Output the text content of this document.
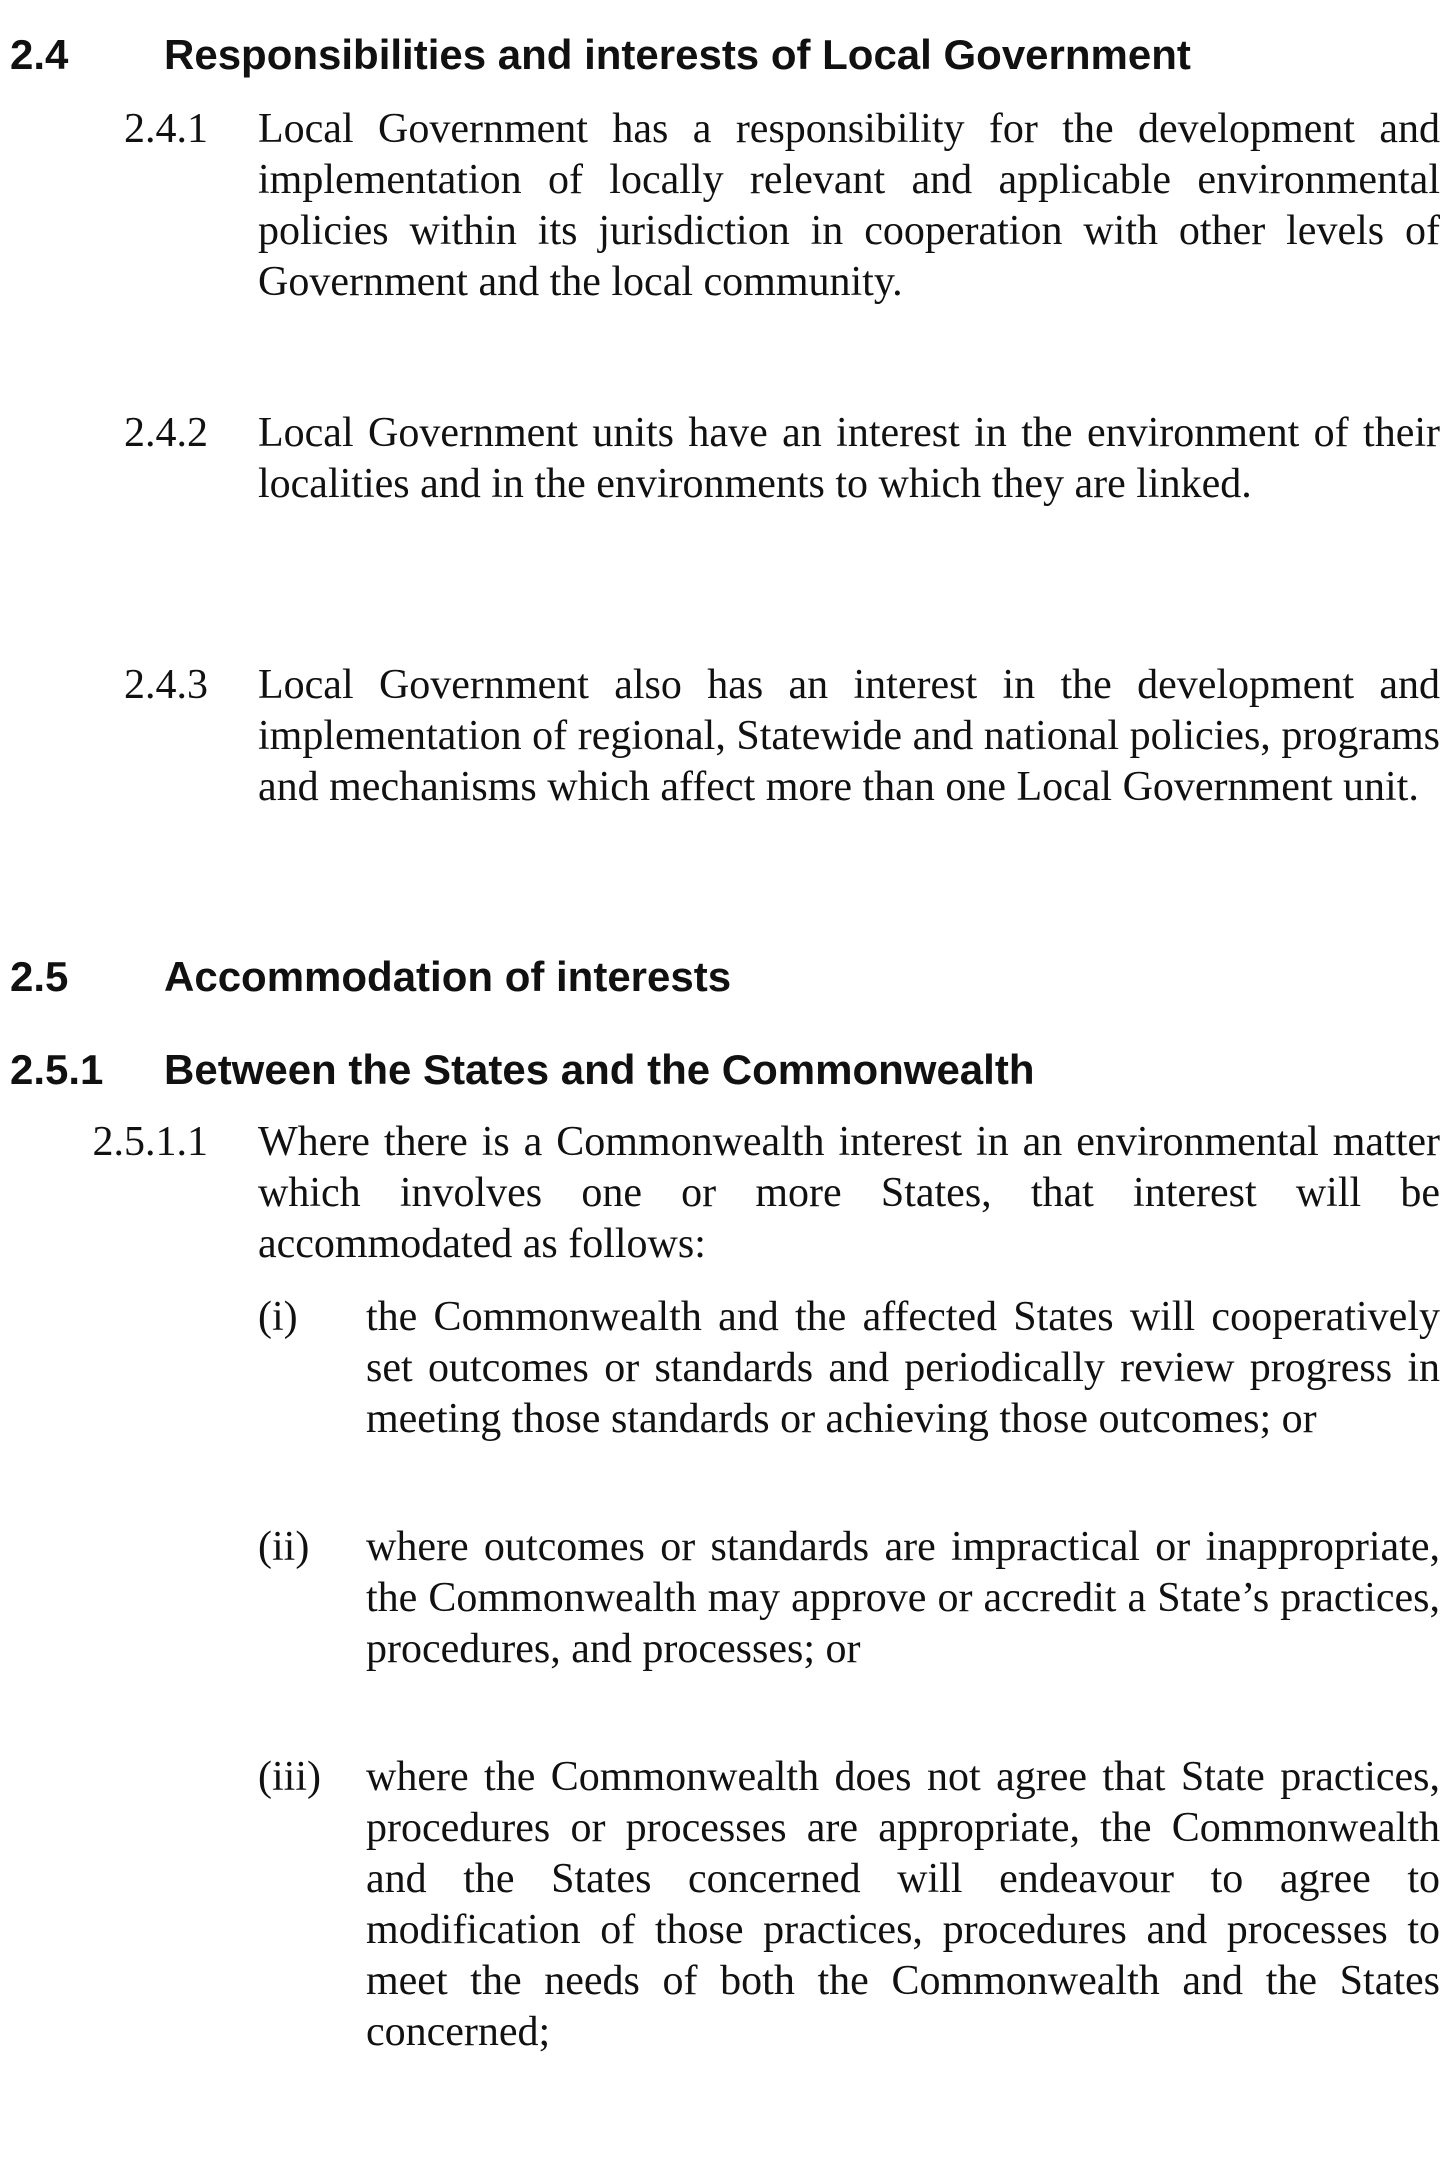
2.4 Responsibilities and interests of Local Government
2.4.1 Local Government has a responsibility for the development and implementation of locally relevant and applicable environmental policies within its jurisdiction in cooperation with other levels of Government and the local community.
2.4.2 Local Government units have an interest in the environment of their localities and in the environments to which they are linked.
2.4.3 Local Government also has an interest in the development and implementation of regional, Statewide and national policies, programs and mechanisms which affect more than one Local Government unit.
2.5 Accommodation of interests
2.5.1 Between the States and the Commonwealth
2.5.1.1 Where there is a Commonwealth interest in an environmental matter which involves one or more States, that interest will be accommodated as follows:
(i) the Commonwealth and the affected States will cooperatively set outcomes or standards and periodically review progress in meeting those standards or achieving those outcomes; or
(ii) where outcomes or standards are impractical or inappropriate, the Commonwealth may approve or accredit a State’s practices, procedures, and processes; or
(iii) where the Commonwealth does not agree that State practices, procedures or processes are appropriate, the Commonwealth and the States concerned will endeavour to agree to modification of those practices, procedures and processes to meet the needs of both the Commonwealth and the States concerned;
